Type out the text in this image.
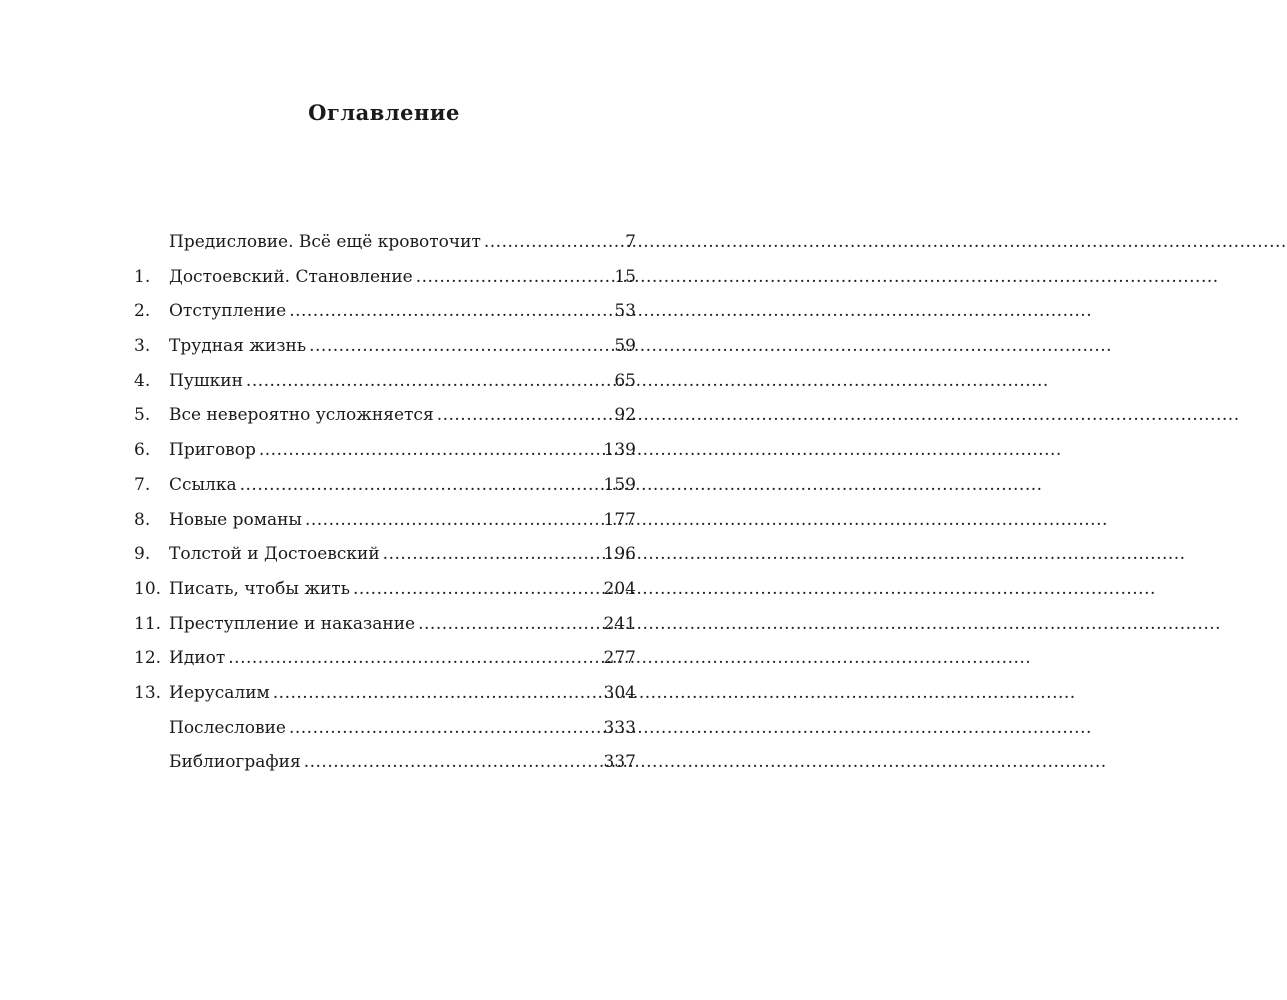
Оглавление
Предисловие. Всё ещё кровоточит .....	7
1.	Достоевский. Становление .....	15
2.	Отступление .....	53
3.	Трудная жизнь .....	59
4.	Пушкин .....	65
5.	Все невероятно усложняется .....	92
6.	Приговор .....	139
7.	Ссылка .....	159
8.	Новые романы .....	177
9.	Толстой и Достоевский .....	196
10. Писать, чтобы жить .....	204
11. Преступление и наказание .....	241
12. Идиот .....	277
13. Иерусалим .....	304
Послесловие .....	333
Библиография .....	337
